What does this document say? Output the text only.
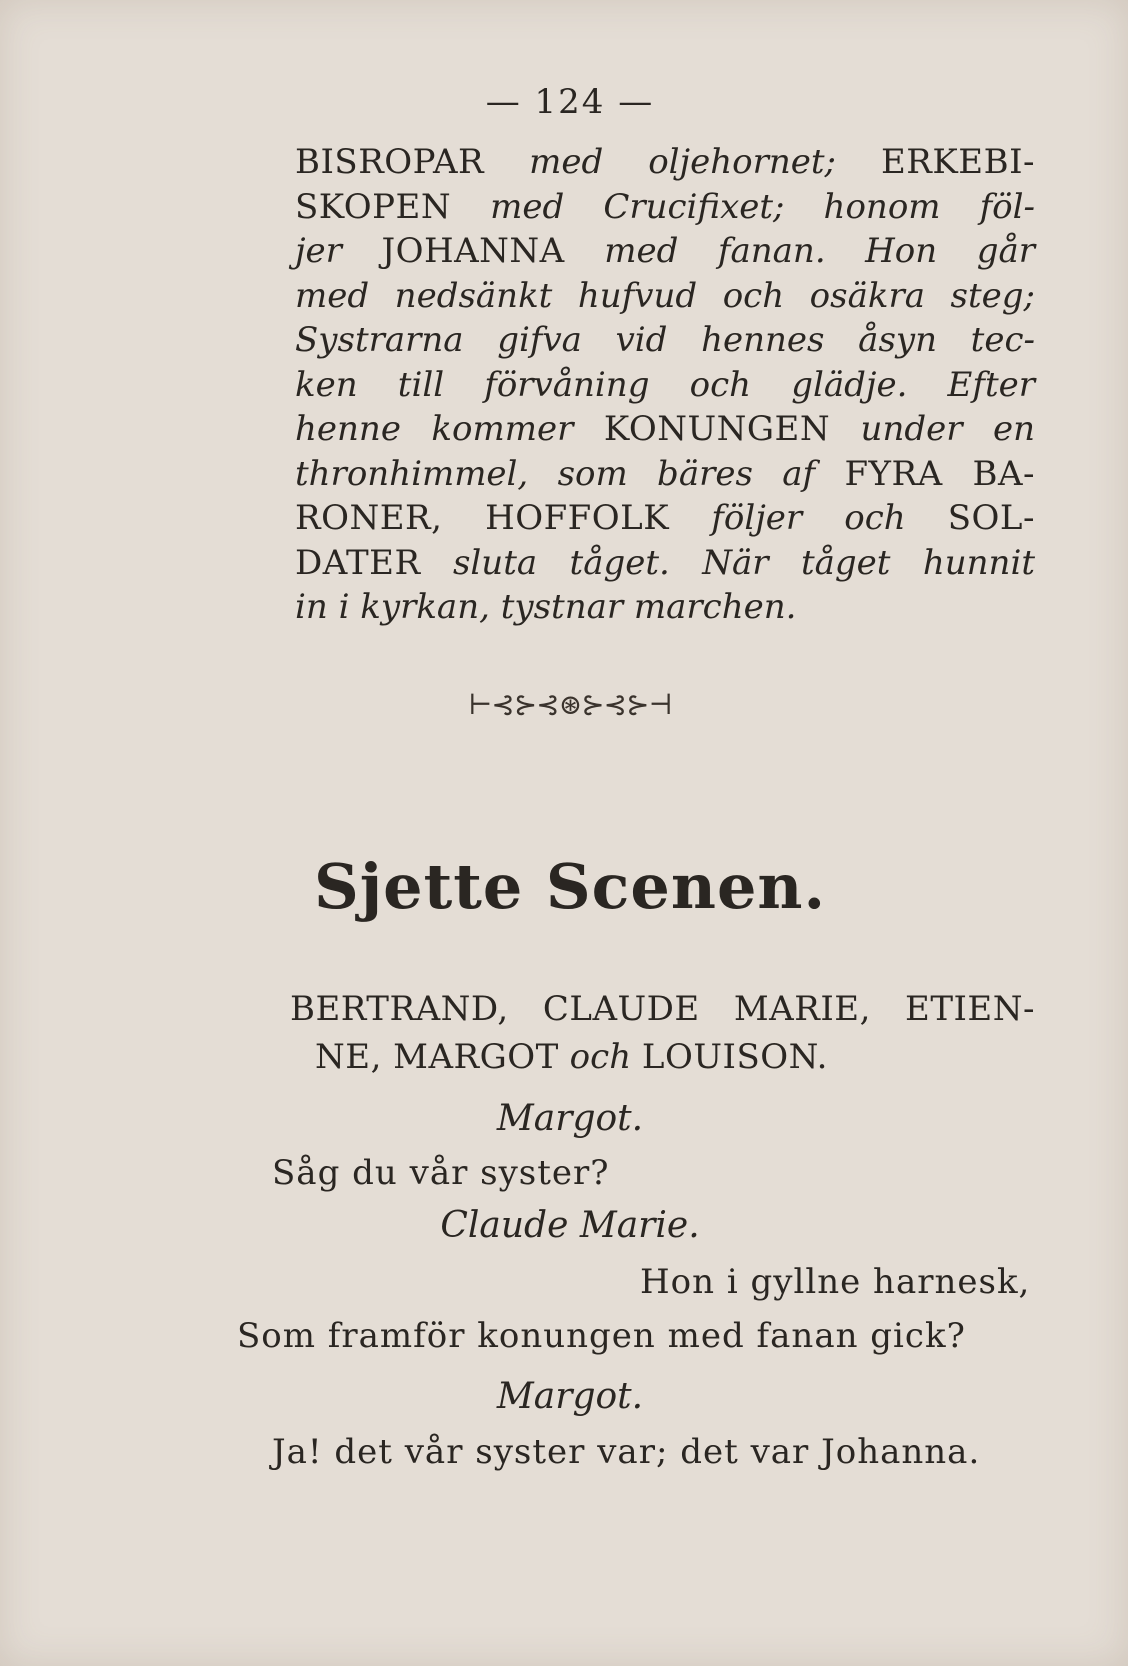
— 124 —
BISROPAR med oljehornet; ERKEBI-
SKOPEN med Crucifixet; honom föl-
jer JOHANNA med fanan. Hon går
med nedsänkt hufvud och osäkra steg;
Systrarna gifva vid hennes åsyn tec-
ken till förvåning och glädje. Efter
henne kommer KONUNGEN under en
thronhimmel, som bäres af FYRA BA-
RONER, HOFFOLK följer och SOL-
DATER sluta tåget. När tåget hunnit
in i kyrkan, tystnar marchen.
⊢⊰⊱⊰⊛⊱⊰⊱⊣
Sjette Scenen.
BERTRAND, CLAUDE MARIE, ETIEN-
NE, MARGOT och LOUISON.
Margot.
Såg du vår syster?
Claude Marie.
Hon i gyllne harnesk,
Som framför konungen med fanan gick?
Margot.
Ja! det vår syster var; det var Johanna.
